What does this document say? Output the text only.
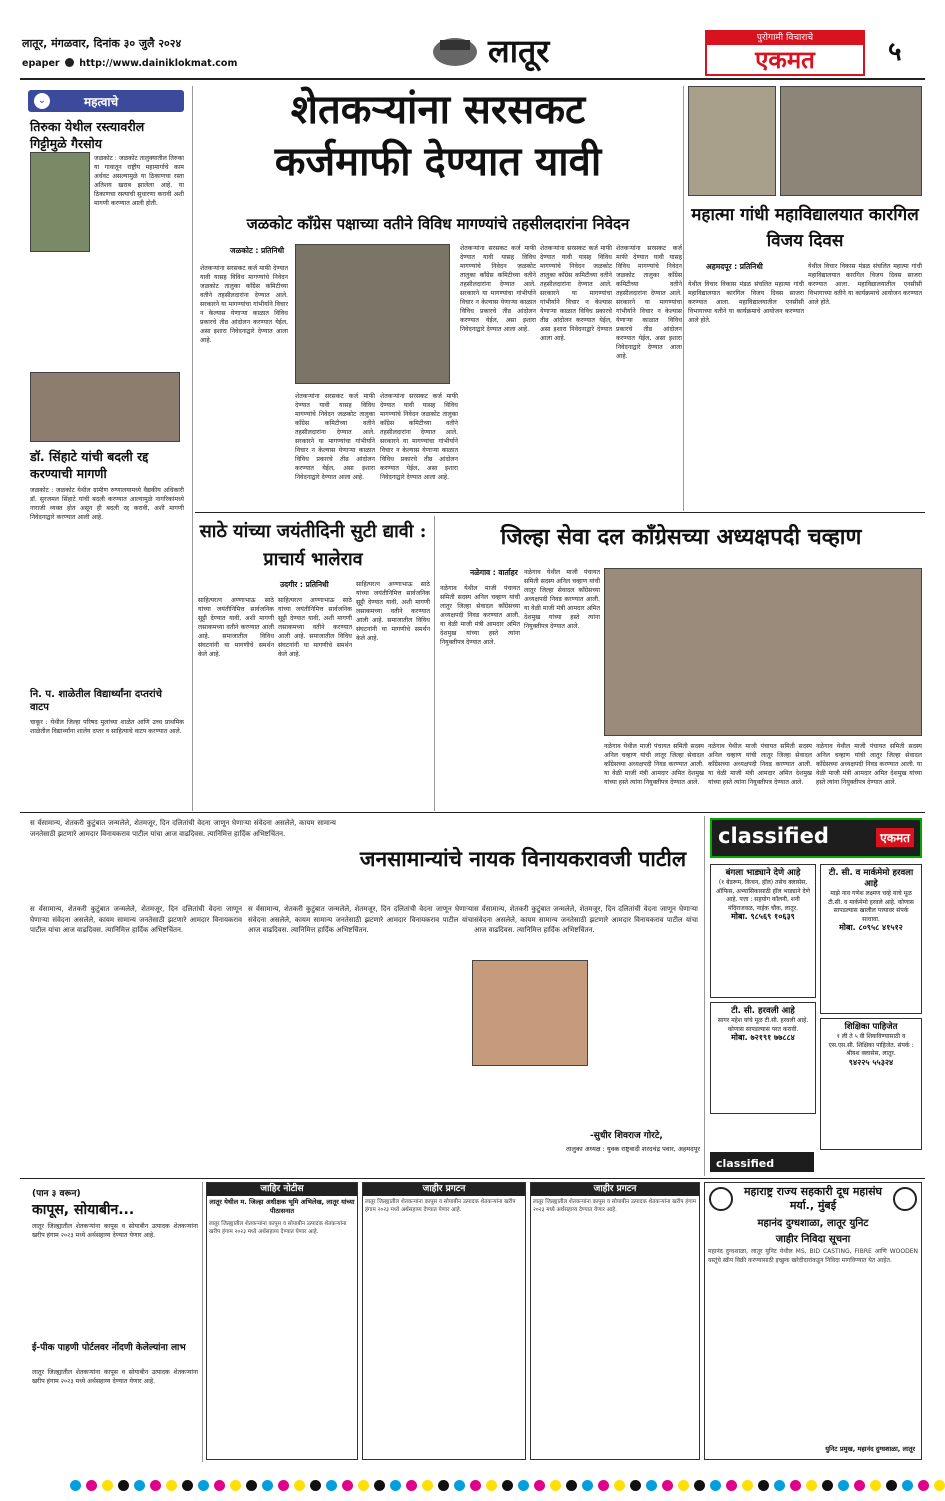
लातूर, मंगळवार, दिनांक ३० जुलै २०२४
epaper http://www.dainiklokmat.com	लातूर	पुरोगामी विचाराचे
एकमत	५
⌄	महत्वाचे
तिरुका येथील रस्त्यावरील गिट्टीमुळे गैरसोय
जळकोट : जळकोट तालुक्यातील तिरुका या गावातून राष्ट्रीय महामार्गाचे काम अर्धवट असल्यामुळे या ठिकाणचा रस्ता अतिशय खराब झालेला आहे. या ठिकाणचा रस्त्याची सुधारणा करावी अशी मागणी करण्यात आली होती.
डॉ. सिंहाटे यांची बदली रद्द करण्याची मागणी
जळकोट : जळकोट येथील ग्रामीण रुग्णालयामध्ये वैद्यकीय अधिकारी डॉ. सुरजमल सिंहाटे यांची बदली करण्यात आल्यामुळे नागरिकांमध्ये नाराजी व्यक्त होत असून ही बदली रद्द करावी, अशी मागणी निवेदनाद्वारे करण्यात आली आहे.
नि. प. शाळेतील विद्यार्थ्यांना दप्तरांचे वाटप
चाकूर : येथील जिल्हा परिषद मुलांच्या शाळेत आणि उच्च प्राथमिक शाळेतील विद्यार्थ्यांना शालेय दप्तर व साहित्याचे वाटप करण्यात आले.
शेतकऱ्यांना सरसकट
कर्जमाफी देण्यात यावी
जळकोट काँग्रेस पक्षाच्या वतीने विविध मागण्यांचे तहसीलदारांना निवेदन
जळकोट : प्रतिनिधी
शेतकऱ्यांना सरसकट कर्ज माफी देण्यात यावी यासह विविध मागण्यांचे निवेदन जळकोट तालुका काँग्रेस कमिटीच्या वतीने तहसीलदारांना देण्यात आले. सरकारने या मागण्यांचा गांभीर्याने विचार न केल्यास येणाऱ्या काळात विविध प्रकारचे तीव्र आंदोलन करण्यात येईल, असा इशारा निवेदनाद्वारे देण्यात आला आहे.
शेतकऱ्यांना सरसकट कर्ज माफी देण्यात यावी यासह विविध मागण्यांचे निवेदन जळकोट तालुका काँग्रेस कमिटीच्या वतीने तहसीलदारांना देण्यात आले. सरकारने या मागण्यांचा गांभीर्याने विचार न केल्यास येणाऱ्या काळात विविध प्रकारचे तीव्र आंदोलन करण्यात येईल, असा इशारा निवेदनाद्वारे देण्यात आला आहे.
शेतकऱ्यांना सरसकट कर्ज माफी देण्यात यावी यासह विविध मागण्यांचे निवेदन जळकोट तालुका काँग्रेस कमिटीच्या वतीने तहसीलदारांना देण्यात आले. सरकारने या मागण्यांचा गांभीर्याने विचार न केल्यास येणाऱ्या काळात विविध प्रकारचे तीव्र आंदोलन करण्यात येईल, असा इशारा निवेदनाद्वारे देण्यात आला आहे.
शेतकऱ्यांना सरसकट कर्ज माफी देण्यात यावी यासह विविध मागण्यांचे निवेदन जळकोट तालुका काँग्रेस कमिटीच्या वतीने तहसीलदारांना देण्यात आले. सरकारने या मागण्यांचा गांभीर्याने विचार न केल्यास येणाऱ्या काळात विविध प्रकारचे तीव्र आंदोलन करण्यात येईल, असा इशारा निवेदनाद्वारे देण्यात आला आहे.
शेतकऱ्यांना सरसकट कर्ज माफी देण्यात यावी यासह विविध मागण्यांचे निवेदन जळकोट तालुका काँग्रेस कमिटीच्या वतीने तहसीलदारांना देण्यात आले. सरकारने या मागण्यांचा गांभीर्याने विचार न केल्यास येणाऱ्या काळात विविध प्रकारचे तीव्र आंदोलन करण्यात येईल, असा इशारा निवेदनाद्वारे देण्यात आला आहे.
शेतकऱ्यांना सरसकट कर्ज माफी देण्यात यावी यासह विविध मागण्यांचे निवेदन जळकोट तालुका काँग्रेस कमिटीच्या वतीने तहसीलदारांना देण्यात आले. सरकारने या मागण्यांचा गांभीर्याने विचार न केल्यास येणाऱ्या काळात विविध प्रकारचे तीव्र आंदोलन करण्यात येईल, असा इशारा निवेदनाद्वारे देण्यात आला आहे.
महात्मा गांधी महाविद्यालयात कारगिल विजय दिवस
अहमदपूर : प्रतिनिधी
येथील विचार विकास मंडळ संचलित महात्मा गांधी महाविद्यालयात कारगिल विजय दिवस साजरा करण्यात आला. महाविद्यालयातील एनसीसी विभागाच्या वतीने या कार्यक्रमाचे आयोजन करण्यात आले होते.
येथील विचार विकास मंडळ संचलित महात्मा गांधी महाविद्यालयात कारगिल विजय दिवस साजरा करण्यात आला. महाविद्यालयातील एनसीसी विभागाच्या वतीने या कार्यक्रमाचे आयोजन करण्यात आले होते.
साठे यांच्या जयंतीदिनी सुटी द्यावी : प्राचार्य भालेराव
उदगीर : प्रतिनिधी
साहित्यरत्न अण्णाभाऊ साठे यांच्या जयंतीनिमित्त सार्वजनिक सुट्टी देण्यात यावी, अशी मागणी लसाकमच्या वतीने करण्यात आली आहे. समाजातील विविध संघटनांनी या मागणीचे समर्थन केले आहे.
साहित्यरत्न अण्णाभाऊ साठे यांच्या जयंतीनिमित्त सार्वजनिक सुट्टी देण्यात यावी, अशी मागणी लसाकमच्या वतीने करण्यात आली आहे. समाजातील विविध संघटनांनी या मागणीचे समर्थन केले आहे.
साहित्यरत्न अण्णाभाऊ साठे यांच्या जयंतीनिमित्त सार्वजनिक सुट्टी देण्यात यावी, अशी मागणी लसाकमच्या वतीने करण्यात आली आहे. समाजातील विविध संघटनांनी या मागणीचे समर्थन केले आहे.
जिल्हा सेवा दल काँग्रेसच्या अध्यक्षपदी चव्हाण
नळेगाव : वार्ताहर
नळेगाव येथील माजी पंचायत समिती सदस्य अनिल चव्हाण यांची लातूर जिल्हा सेवादल काँग्रेसच्या अध्यक्षपदी निवड करण्यात आली. या वेळी माजी मंत्री आमदार अमित देशमुख यांच्या हस्ते त्यांना नियुक्तीपत्र देण्यात आले.
नळेगाव येथील माजी पंचायत समिती सदस्य अनिल चव्हाण यांची लातूर जिल्हा सेवादल काँग्रेसच्या अध्यक्षपदी निवड करण्यात आली. या वेळी माजी मंत्री आमदार अमित देशमुख यांच्या हस्ते त्यांना नियुक्तीपत्र देण्यात आले.
नळेगाव येथील माजी पंचायत समिती सदस्य अनिल चव्हाण यांची लातूर जिल्हा सेवादल काँग्रेसच्या अध्यक्षपदी निवड करण्यात आली. या वेळी माजी मंत्री आमदार अमित देशमुख यांच्या हस्ते त्यांना नियुक्तीपत्र देण्यात आले.
नळेगाव येथील माजी पंचायत समिती सदस्य अनिल चव्हाण यांची लातूर जिल्हा सेवादल काँग्रेसच्या अध्यक्षपदी निवड करण्यात आली. या वेळी माजी मंत्री आमदार अमित देशमुख यांच्या हस्ते त्यांना नियुक्तीपत्र देण्यात आले.
नळेगाव येथील माजी पंचायत समिती सदस्य अनिल चव्हाण यांची लातूर जिल्हा सेवादल काँग्रेसच्या अध्यक्षपदी निवड करण्यात आली. या वेळी माजी मंत्री आमदार अमित देशमुख यांच्या हस्ते त्यांना नियुक्तीपत्र देण्यात आले.
जनसामान्यांचे नायक विनायकरावजी पाटील
स र्वसामान्य, शेतकरी कुटुंबात जन्मलेले, शेतमजूर, दिन दलितांची वेदना जाणून घेणाऱ्या संवेदना असलेले, कायम सामान्य जनतेसाठी झटणारे आमदार विनायकराव पाटील यांचा आज वाढदिवस. त्यानिमित्त हार्दिक अभिष्टचिंतन.
स र्वसामान्य, शेतकरी कुटुंबात जन्मलेले, शेतमजूर, दिन दलितांची वेदना जाणून घेणाऱ्या संवेदना असलेले, कायम सामान्य जनतेसाठी झटणारे आमदार विनायकराव पाटील यांचा आज वाढदिवस. त्यानिमित्त हार्दिक अभिष्टचिंतन.
स र्वसामान्य, शेतकरी कुटुंबात जन्मलेले, शेतमजूर, दिन दलितांची वेदना जाणून घेणाऱ्या संवेदना असलेले, कायम सामान्य जनतेसाठी झटणारे आमदार विनायकराव पाटील यांचा आज वाढदिवस. त्यानिमित्त हार्दिक अभिष्टचिंतन.
स र्वसामान्य, शेतकरी कुटुंबात जन्मलेले, शेतमजूर, दिन दलितांची वेदना जाणून घेणाऱ्या संवेदना असलेले, कायम सामान्य जनतेसाठी झटणारे आमदार विनायकराव पाटील यांचा आज वाढदिवस. त्यानिमित्त हार्दिक अभिष्टचिंतन.
-सुधीर शिवराज गोरटे,
तालुका अध्यक्ष : युवक राष्ट्रवादी शरदचंद्र पवार, अहमदपूर
classified	एकमत
बंगला भाड्याने देणे आहे
(१ बेडरूम, किचन, हॉल) तसेच क्लासेस, ऑफिस, अभ्यासिकासाठी हॉल भाड्याने देणे आहे. पत्ता : सहयोग कॉलनी, शनी मंदिराजवळ, नाईक चौक, लातूर.
मोबा. ९८५६९ १०६३९
टी. सी. हरवली आहे
सागर महेश यांचे मूळ टी.सी. हरवली आहे. कोणास सापडल्यास परत करावी.
मोबा. ७२१९१ ७७८८४
टी. सी. व मार्कमेमो हरवला आहे
माझे नाव गणेश लक्ष्मण चव्हे याचे मूळ टी.सी. व मार्कमेमो हरवले आहे. कोणास सापडल्यास खालील पत्त्यावर संपर्क साधावा.
मोबा. ८०९५८ ४१५१२
शिक्षिका पाहिजेत
१ ली ते ५ वी शिकविण्यासाठी व एस.एस.सी. शिक्षिका पाहिजेत. संपर्क : श्रीयश क्लासेस, लातूर.
९४२२५ ५५३२४
classified
(पान ३ वरून)
कापूस, सोयाबीन...
लातूर जिल्ह्यातील शेतकऱ्यांना कापूस व सोयाबीन उत्पादक शेतकऱ्यांना खरीप हंगाम २०२३ मध्ये अर्थसहाय्य देण्यात येणार आहे.
ई-पीक पाहणी पोर्टलवर नोंदणी केलेल्यांना लाभ
लातूर जिल्ह्यातील शेतकऱ्यांना कापूस व सोयाबीन उत्पादक शेतकऱ्यांना खरीप हंगाम २०२३ मध्ये अर्थसहाय्य देण्यात येणार आहे.
जाहिर नोटीस
लातूर येथील म. जिल्हा अधीक्षक भूमि अभिलेख, लातूर यांच्या पीठासनात
लातूर जिल्ह्यातील शेतकऱ्यांना कापूस व सोयाबीन उत्पादक शेतकऱ्यांना खरीप हंगाम २०२३ मध्ये अर्थसहाय्य देण्यात येणार आहे.
जाहीर प्रगटन
लातूर जिल्ह्यातील शेतकऱ्यांना कापूस व सोयाबीन उत्पादक शेतकऱ्यांना खरीप हंगाम २०२३ मध्ये अर्थसहाय्य देण्यात येणार आहे.
जाहीर प्रगटन
लातूर जिल्ह्यातील शेतकऱ्यांना कापूस व सोयाबीन उत्पादक शेतकऱ्यांना खरीप हंगाम २०२३ मध्ये अर्थसहाय्य देण्यात येणार आहे.
महाराष्ट्र राज्य सहकारी दूध महासंघ मर्या., मुंबई
महानंद दुग्धशाळा, लातूर युनिट
जाहीर निविदा सूचना
महानंद दुग्धशाळा, लातूर युनिट येथील MS, BID CASTING, FIBRE आणि WOODEN वस्तूंचे स्क्रॅप विक्री करण्यासाठी इच्छुक खरेदीदारांकडून निविदा मागविण्यात येत आहेत.
युनिट प्रमुख, महानंद दुग्धशाळा, लातूर
